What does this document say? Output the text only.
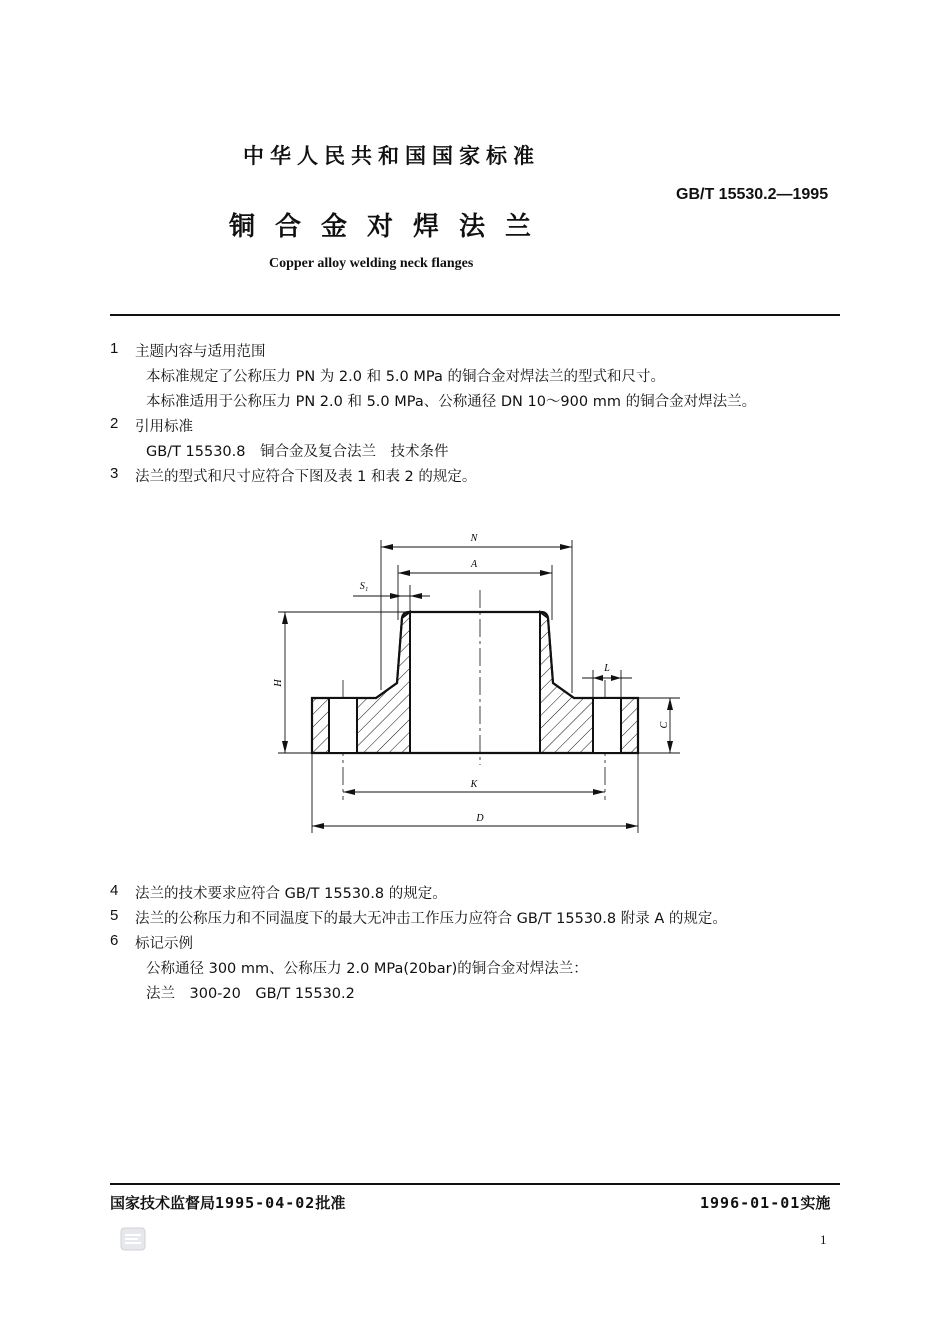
中华人民共和国国家标准
GB/T 15530.2—1995
铜合金对焊法兰
Copper alloy welding neck flanges
1 主题内容与适用范围
本标准规定了公称压力 PN 为 2.0 和 5.0 MPa 的铜合金对焊法兰的型式和尺寸。
本标准适用于公称压力 PN 2.0 和 5.0 MPa、公称通径 DN 10～900 mm 的铜合金对焊法兰。
2 引用标准
GB/T 15530.8　铜合金及复合法兰　技术条件
3 法兰的型式和尺寸应符合下图及表 1 和表 2 的规定。
N
A
S₁
H
L
C
K
D
4 法兰的技术要求应符合 GB/T 15530.8 的规定。
5 法兰的公称压力和不同温度下的最大无冲击工作压力应符合 GB/T 15530.8 附录 A 的规定。
6 标记示例
公称通径 300 mm、公称压力 2.0 MPa(20bar)的铜合金对焊法兰：
法兰　300-20　GB/T 15530.2
国家技术监督局1995-04-02批准	1996-01-01实施
1
